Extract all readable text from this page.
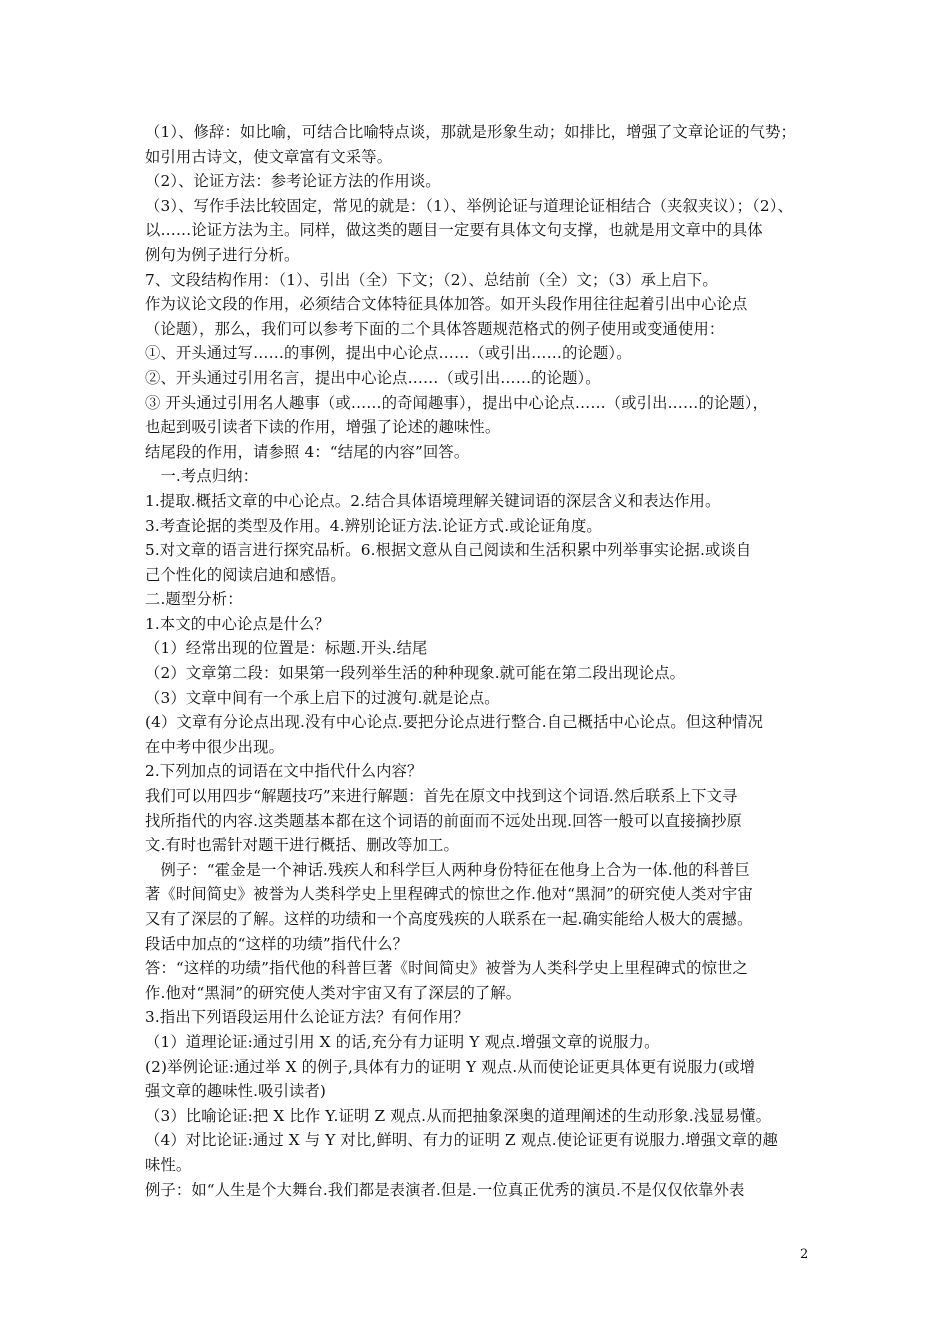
（1）、修辞：如比喻，可结合比喻特点谈，那就是形象生动；如排比，增强了文章论证的气势；
如引用古诗文，使文章富有文采等。
（2）、论证方法：参考论证方法的作用谈。
（3）、写作手法比较固定，常见的就是：（1）、举例论证与道理论证相结合（夹叙夹议）；（2）、
以……论证方法为主。同样，做这类的题目一定要有具体文句支撑，也就是用文章中的具体
例句为例子进行分析。
7、文段结构作用：（1）、引出（全）下文；（2）、总结前（全）文；（3）承上启下。
作为议论文段的作用，必须结合文体特征具体加答。如开头段作用往往起着引出中心论点
（论题），那么，我们可以参考下面的二个具体答题规范格式的例子使用或变通使用：
①、开头通过写……的事例，提出中心论点……（或引出……的论题）。
②、开头通过引用名言，提出中心论点……（或引出……的论题）。
③ 开头通过引用名人趣事（或……的奇闻趣事），提出中心论点……（或引出……的论题），
也起到吸引读者下读的作用，增强了论述的趣味性。
结尾段的作用，请参照 4：“结尾的内容”回答。
　一.考点归纳：
1.提取.概括文章的中心论点。2.结合具体语境理解关键词语的深层含义和表达作用。
3.考查论据的类型及作用。4.辨别论证方法.论证方式.或论证角度。
5.对文章的语言进行探究品析。6.根据文意从自己阅读和生活积累中列举事实论据.或谈自
己个性化的阅读启迪和感悟。
二.题型分析：
1.本文的中心论点是什么？
（1）经常出现的位置是：标题.开头.结尾
（2）文章第二段：如果第一段列举生活的种种现象.就可能在第二段出现论点。
（3）文章中间有一个承上启下的过渡句.就是论点。
(4）文章有分论点出现.没有中心论点.要把分论点进行整合.自己概括中心论点。但这种情况
在中考中很少出现。
2.下列加点的词语在文中指代什么内容？
我们可以用四步“解题技巧”来进行解题：首先在原文中找到这个词语.然后联系上下文寻
找所指代的内容.这类题基本都在这个词语的前面而不远处出现.回答一般可以直接摘抄原
文.有时也需针对题干进行概括、删改等加工。
　例子：“霍金是一个神话.残疾人和科学巨人两种身份特征在他身上合为一体.他的科普巨
著《时间简史》被誉为人类科学史上里程碑式的惊世之作.他对“黑洞”的研究使人类对宇宙
又有了深层的了解。这样的功绩和一个高度残疾的人联系在一起.确实能给人极大的震撼。
段话中加点的“这样的功绩”指代什么？
答：“这样的功绩”指代他的科普巨著《时间简史》被誉为人类科学史上里程碑式的惊世之
作.他对“黑洞”的研究使人类对宇宙又有了深层的了解。
3.指出下列语段运用什么论证方法？有何作用？
（1）道理论证:通过引用 X 的话,充分有力证明 Y 观点.增强文章的说服力。
(2)举例论证:通过举 X 的例子,具体有力的证明 Y 观点.从而使论证更具体更有说服力(或增
强文章的趣味性.吸引读者)
（3）比喻论证:把 X 比作 Y.证明 Z 观点.从而把抽象深奥的道理阐述的生动形象.浅显易懂。
（4）对比论证:通过 X 与 Y 对比,鲜明、有力的证明 Z 观点.使论证更有说服力.增强文章的趣
味性。
例子：如“人生是个大舞台.我们都是表演者.但是.一位真正优秀的演员.不是仅仅依靠外表
2
